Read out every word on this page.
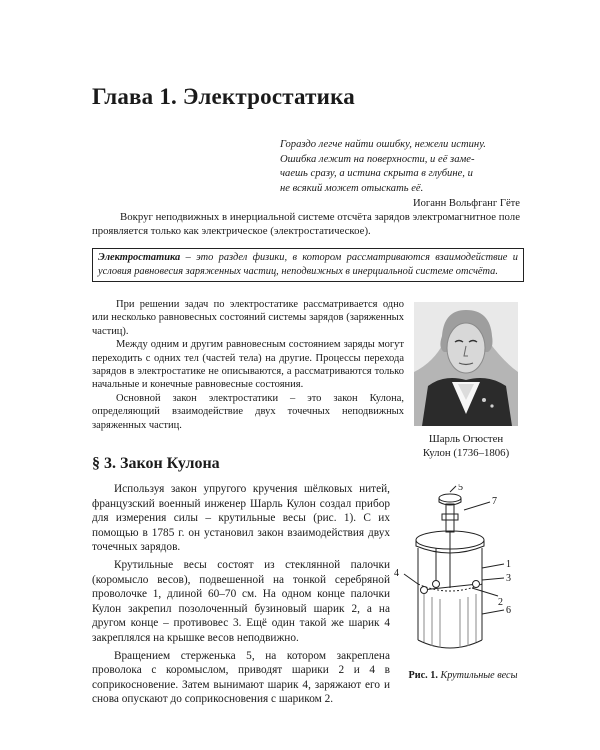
Глава 1. Электростатика
Гораздо легче найти ошибку, нежели истину.
Ошибка лежит на поверхности, и её заме-
чаешь сразу, а истина скрыта в глубине, и
не всякий может отыскать её.
Иоганн Вольфганг Гёте

Вокруг неподвижных в инерциальной системе отсчёта зарядов электромагнитное поле проявляется только как электрическое (электростатическое).

Электростатика – это раздел физики, в котором рассматриваются взаимодействие и условия равновесия заряженных частиц, неподвижных в инерциальной системе отсчёта.

При решении задач по электростатике рассматривается одно или несколько равновесных состояний системы зарядов (заряженных частиц).

Между одним и другим равновесным состоянием заряды могут переходить с одних тел (частей тела) на другие. Процессы перехода зарядов в электростатике не описываются, а рассматриваются только начальные и конечные равновесные состояния.

Основной закон электростатики – это закон Кулона, определяющий взаимодействие двух точечных неподвижных заряженных частиц.

Шарль Огюстен
Кулон (1736–1806)
§ 3. Закон Кулона

Используя закон упругого кручения шёлковых нитей, французский военный инженер Шарль Кулон создал прибор для измерения силы – крутильные весы (рис. 1). С их помощью в 1785 г. он установил закон взаимодействия двух точечных зарядов.

Крутильные весы состоят из стеклянной палочки (коромысло весов), подвешенной на тонкой серебряной проволочке 1, длиной 60–70 см. На одном конце палочки Кулон закрепил позолоченный бузиновый шарик 2, а на другом конце – противовес 3. Ещё один такой же шарик 4 закреплялся на крышке весов неподвижно.

Вращением стерженька 5, на котором закреплена проволока с коромыслом, приводят шарики 2 и 4 в соприкосновение. Затем вынимают шарик 4, заряжают его и снова опускают до соприкосновения с шариком 2.

5
7
1
4	3
2
6
Рис. 1. Крутильные весы
